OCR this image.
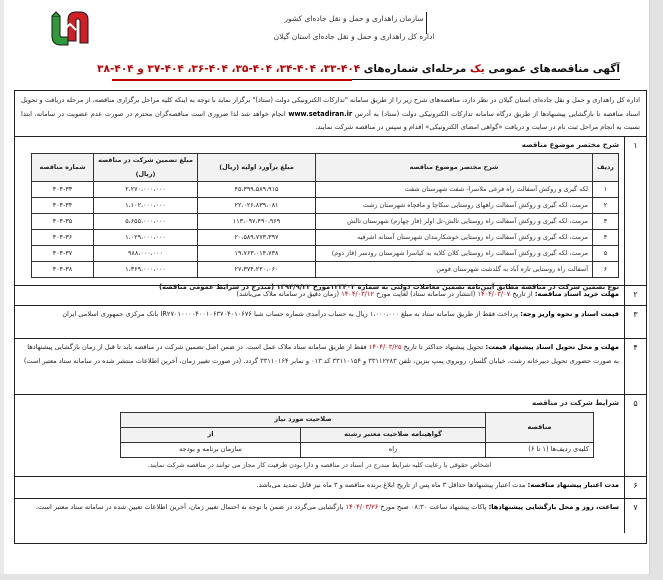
سازمان راهداری و حمل و نقل جاده‌ای کشور
اداره کل راهداری و حمل و نقل جاده‌ای استان گیلان
آگهی مناقصه‌های عمومی یک مرحله‌ای شماره‌های ۴۰۴-۳۳، ۴۰۴-۳۴، ۴۰۴-۳۵، ۴۰۴-۳۶، ۴۰۴-۳۷ و ۴۰۴-۳۸
اداره کل راهداری و حمل و نقل جاده‌ای استان گیلان در نظر دارد، مناقصه‌های شرح زیر را از طریق سامانه "تدارکات الکترونیکی دولت (ستاد)" برگزار نماید با توجه به اینکه کلیه مراحل برگزاری مناقصه، از مرحله دریافت و تحویل اسناد مناقصه تا بازگشایی پیشنهادها از طریق درگاه سامانه تدارکات الکترونیکی دولت (ستاد) به آدرس www.setadiran.ir انجام خواهد شد لذا ضروری است مناقصه‌گران محترم در صورت عدم عضویت در سامانه، ابتدا نسبت به انجام مراحل ثبت نام در سایت و دریافت «گواهی امضای الکترونیکی» اقدام و سپس در مناقصه شرکت نمایند.
۱
شرح مختصر موضوع مناقصه
ردیف	شرح مختصر موضوع مناقصه	مبلغ برآورد اولیه (ریال)	مبلغ تضمین شرکت در مناقصه (ریال)	شماره مناقصه
۱	لکه گیری و روکش آسفالت راه فرعی ملاسرا- شفت شهرستان شفت	۴۵،۳۹۹،۵۸۹،۹۱۵	۲،۲۷۰،۰۰۰،۰۰۰	۴۰۴-۳۳
۲	مرمت، لکه گیری و روکش آسفالت راههای روستایی سکاچا و مافچاه شهرستان رشت	۲۲،۰۲۶،۸۳۹،۰۸۱	۱،۱۰۲،۰۰۰،۰۰۰	۴۰۴-۳۴
۳	مرمت، لکه گیری و روکش آسفالت راه روستایی تالش-تل اولر (فاز چهارم) شهرستان تالش	۱۱۳،۰۹۷،۴۹۰،۹۶۹	۵،۶۵۵،۰۰۰،۰۰۰	۴۰۴-۳۵
۴	مرمت، لکه گیری و روکش آسفالت راه روستایی خوشکاربندان شهرستان آستانه اشرفیه	۲۰،۵۸۹،۷۷۳،۳۹۷	۱،۰۲۹،۰۰۰،۰۰۰	۴۰۴-۳۶
۵	مرمت، لکه گیری و روکش آسفالت راه روستایی کلان کلایه به کیاسرا شهرستان رودسر (فاز دوم)	۱۹،۷۶۳،۰۱۴،۷۳۸	۹۸۸،۰۰۰،۰۰۰	۴۰۴-۳۷
۶	آسفالت راه روستایی تازه آباد به گلدشت شهرستان فومن	۲۷،۳۷۴،۲۲۰،۰۶۰	۱،۳۶۹،۰۰۰،۰۰۰	۴۰۴-۳۸
نوع تضمین شرکت در مناقصه مطابق آیین‌نامه تضمین معاملات دولتی به شماره ۱۲۳۴۰۲مورخ ۱۳۹۴/۹/۲۲ (مندرج در شرایط عمومی مناقصه)
۲
مهلت خرید اسناد مناقصه: از تاریخ ۱۴۰۴/۰۳/۰۷ (انتشار در سامانه ستاد) لغایت مورخ ۱۴۰۴/۰۳/۱۲ (زمان دقیق در سامانه ملاک می‌باشد)
۳
قیمت اسناد و نحوه واریز وجه: پرداخت فقط از طریق سامانه ستاد به مبلغ ۱،۰۰۰،۰۰۰ ریال به حساب درآمدی شماره حساب شبا IR۲۷۰۱۰۰۰۰۴۰۰۱۰۶۳۷۰۴۰۱۰۶۷۶ بانک مرکزی جمهوری اسلامی ایران
۴
مهلت و محل تحویل اسناد پیشنهاد قیمت: تحویل پیشنهاد حداکثر تا تاریخ ۱۴۰۴/۰۳/۲۵ فقط از طریق سامانه ستاد ملاک عمل است. در ضمن اصل تضمین شرکت در مناقصه باید تا قبل از زمان بازگشایی پیشنهادها به صورت حضوری تحویل دبیرخانه رشت، خیابان گلسار، روبروی پمپ بنزین، تلفن ۳۳۱۱۲۲۸۳ و ۳۳۱۱۰۱۵۴ کد ۰۱۳ و نمابر ۳۳۱۱۰۱۶۴ گردد. (در صورت تغییر زمان، آخرین اطلاعات منتشر شده در سامانه ستاد معتبر است)
۵
شرایط شرکت در مناقصه
مناقصه	صلاحیت مورد نیاز	
	گواهینامه صلاحیت معتبر رشته	از
کلیه‌ی ردیف‌ها (۱ تا ۶)	راه	سازمان برنامه و بودجه
اشخاص حقوقی با رعایت کلیه شرایط مندرج در اسناد در مناقصه و دارا بودن ظرفیت کار مجاز می توانند در مناقصه شرکت نمایند.
۶
مدت اعتبار پیشنهاد مناقصه: مدت اعتبار پیشنهادها حداقل ۳ ماه پس از تاریخ ابلاغ برنده مناقصه و ۳ ماه نیز قابل تمدید می‌باشد.
۷
ساعت، روز و محل بازگشایی پیشنهادها: پاکات پیشنهاد ساعت ۰۸:۳۰ صبح مورخ ۱۴۰۴/۰۳/۲۶ بازگشایی می‌گردد در ضمن با توجه به احتمال تغییر زمان، آخرین اطلاعات تعیین شده در سامانه ستاد معتبر است.
